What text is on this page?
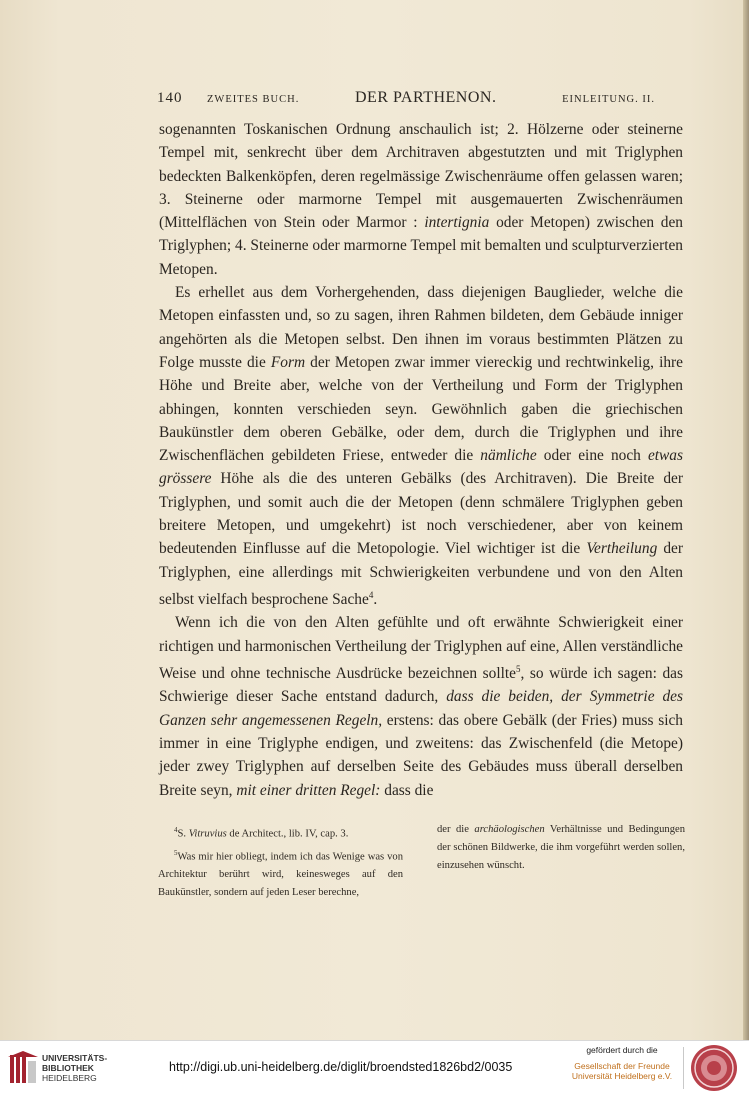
140 ZWEITES BUCH.	DER PARTHENON.	EINLEITUNG. II.

sogenannten Toskanischen Ordnung anschaulich ist; 2. Hölzerne oder steinerne Tempel mit, senkrecht über dem Architraven abgestutzten und mit Triglyphen bedeckten Balkenköpfen, deren regelmässige Zwischenräume offen gelassen waren; 3. Steinerne oder marmorne Tempel mit ausgemauerten Zwischenräumen (Mittelflächen von Stein oder Marmor : intertignia oder Metopen) zwischen den Triglyphen; 4. Steinerne oder marmorne Tempel mit bemalten und sculpturverzierten Metopen.

Es erhellet aus dem Vorhergehenden, dass diejenigen Bauglieder, welche die Metopen einfassten und, so zu sagen, ihren Rahmen bildeten, dem Gebäude inniger angehörten als die Metopen selbst. Den ihnen im voraus bestimmten Plätzen zu Folge musste die Form der Metopen zwar immer viereckig und rechtwinkelig, ihre Höhe und Breite aber, welche von der Vertheilung und Form der Triglyphen abhingen, konnten verschieden seyn. Gewöhnlich gaben die griechischen Baukünstler dem oberen Gebälke, oder dem, durch die Triglyphen und ihre Zwischenflächen gebildeten Friese, entweder die nämliche oder eine noch etwas grössere Höhe als die des unteren Gebälks (des Architraven). Die Breite der Triglyphen, und somit auch die der Metopen (denn schmälere Triglyphen geben breitere Metopen, und umgekehrt) ist noch verschiedener, aber von keinem bedeutenden Einflusse auf die Metopologie. Viel wichtiger ist die Vertheilung der Triglyphen, eine allerdings mit Schwierigkeiten verbundene und von den Alten selbst vielfach besprochene Sache$^4$.

Wenn ich die von den Alten gefühlte und oft erwähnte Schwierigkeit einer richtigen und harmonischen Vertheilung der Triglyphen auf eine, Allen verständliche Weise und ohne technische Ausdrücke bezeichnen sollte$^5$, so würde ich sagen: das Schwierige dieser Sache entstand dadurch, dass die beiden, der Symmetrie des Ganzen sehr angemessenen Regeln, erstens: das obere Gebälk (der Fries) muss sich immer in eine Triglyphe endigen, und zweitens: das Zwischenfeld (die Metope) jeder zwey Triglyphen auf derselben Seite des Gebäudes muss überall derselben Breite seyn, mit einer dritten Regel: dass die

$^4$S. Vitruvius de Architect., lib. IV, cap. 3.

$^5$Was mir hier obliegt, indem ich das Wenige was von Architektur berührt wird, keinesweges auf den Baukünstler, sondern auf jeden Leser berechne,

der die archäologischen Verhältnisse und Bedingungen der schönen Bildwerke, die ihm vorgeführt werden sollen, einzusehen wünscht.

UNIVERSITÄTS-
BIBLIOTHEK
HEIDELBERG
http://digi.ub.uni-heidelberg.de/diglit/broendsted1826bd2/0035
gefördert durch die
Gesellschaft der Freunde
Universität Heidelberg e.V.
